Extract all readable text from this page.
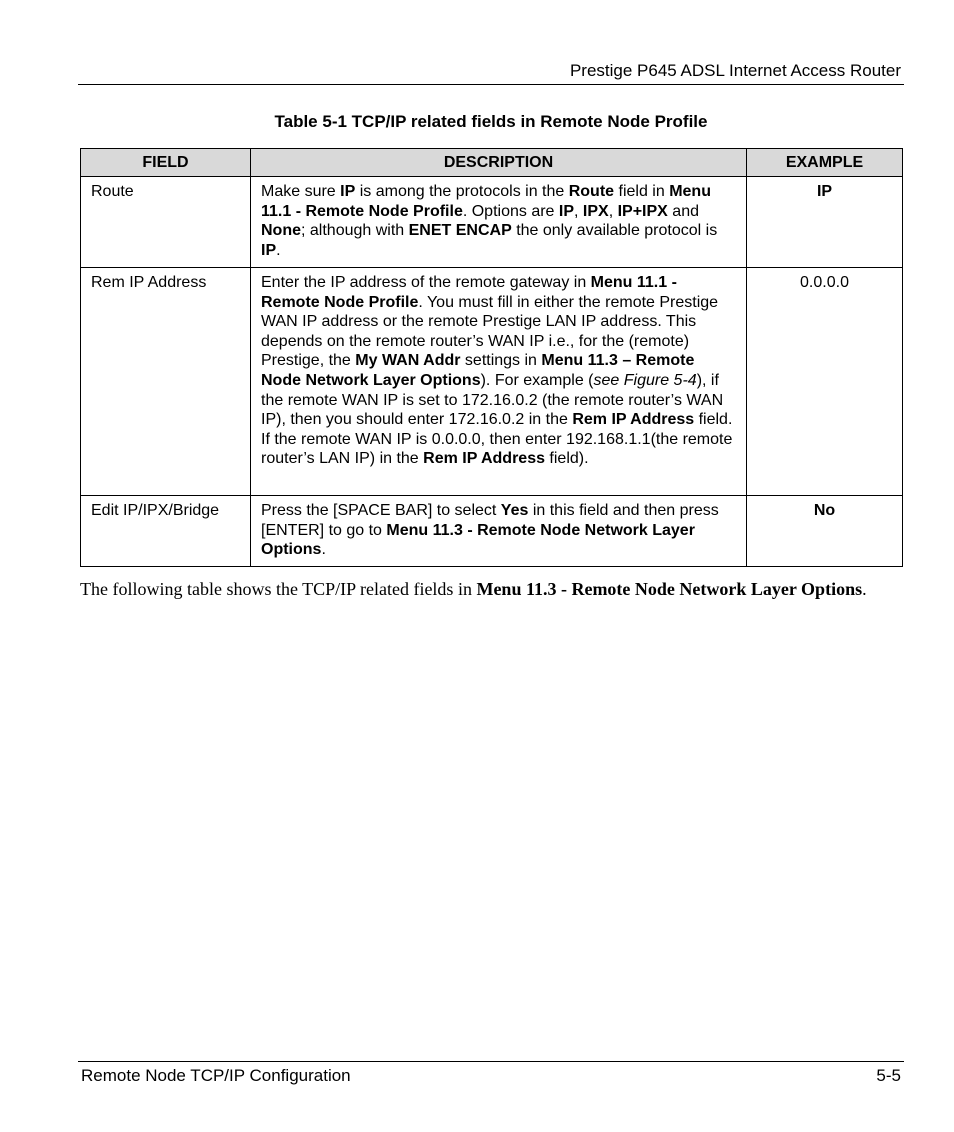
Prestige P645 ADSL Internet Access Router
Table 5-1 TCP/IP related fields in Remote Node Profile
FIELD	DESCRIPTION	EXAMPLE
Route	Make sure IP is among the protocols in the Route field in Menu 11.1 - Remote Node Profile. Options are IP, IPX, IP+IPX and None; although with ENET ENCAP the only available protocol is IP.	IP
Rem IP Address	Enter the IP address of the remote gateway in Menu 11.1 - Remote Node Profile. You must fill in either the remote Prestige WAN IP address or the remote Prestige LAN IP address. This depends on the remote router’s WAN IP i.e., for the (remote) Prestige, the My WAN Addr settings in Menu 11.3 – Remote Node Network Layer Options). For example (see Figure 5-4), if the remote WAN IP is set to 172.16.0.2 (the remote router’s WAN IP), then you should enter 172.16.0.2 in the Rem IP Address field. If the remote WAN IP is 0.0.0.0, then enter 192.168.1.1(the remote router’s LAN IP) in the Rem IP Address field).	0.0.0.0
Edit IP/IPX/Bridge	Press the [SPACE BAR] to select Yes in this field and then press [ENTER] to go to Menu 11.3 - Remote Node Network Layer Options.	No
The following table shows the TCP/IP related fields in Menu 11.3 - Remote Node Network Layer Options.
Remote Node TCP/IP Configuration	5-5
